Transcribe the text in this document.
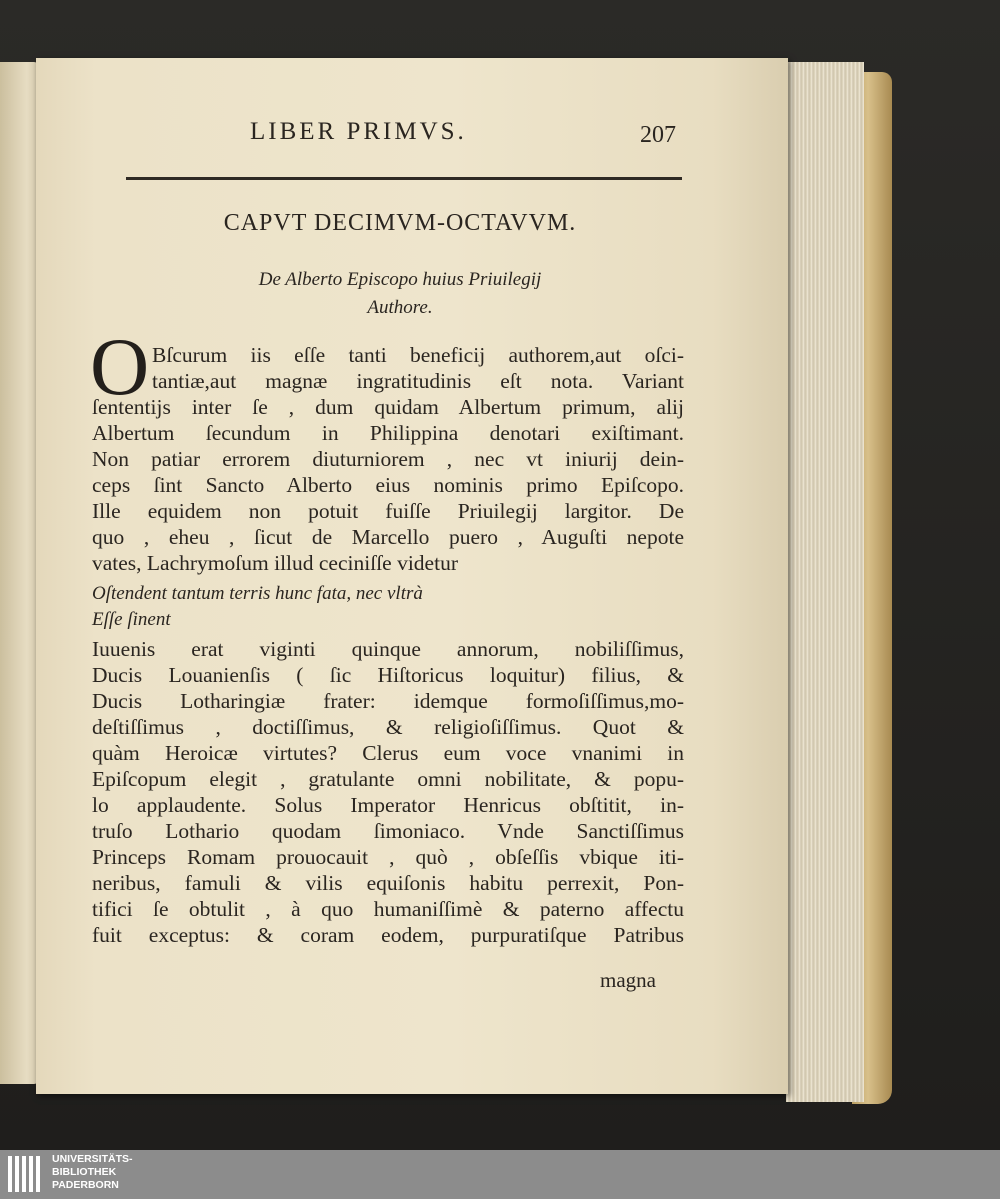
LIBER PRIMVS.	207
CAPVT DECIMVM-OCTAVVM.
De Alberto Episcopo huius Priuilegij
Authore.
O Bſcurum iis eſſe tanti beneficij authorem,aut oſci-
tantiæ,aut magnæ ingratitudinis eſt nota. Variant
ſententijs inter ſe , dum quidam Albertum primum, alij
Albertum ſecundum in Philippina denotari exiſtimant.
Non patiar errorem diuturniorem , nec vt iniurij dein-
ceps ſint Sancto Alberto eius nominis primo Epiſcopo.
Ille equidem non potuit fuiſſe Priuilegij largitor. De
quo , eheu , ſicut de Marcello puero , Auguſti nepote
vates, Lachrymoſum illud ceciniſſe videtur
Oſtendent tantum terris hunc fata, nec vltrà
Eſſe ſinent
Iuuenis erat viginti quinque annorum, nobiliſſimus,
Ducis Louanienſis ( ſic Hiſtoricus loquitur) filius, &
Ducis Lotharingiæ frater: idemque formoſiſſimus,mo-
deſtiſſimus , doctiſſimus, & religioſiſſimus. Quot &
quàm Heroicæ virtutes? Clerus eum voce vnanimi in
Epiſcopum elegit , gratulante omni nobilitate, & popu-
lo applaudente. Solus Imperator Henricus obſtitit, in-
truſo Lothario quodam ſimoniaco. Vnde Sanctiſſimus
Princeps Romam prouocauit , quò , obſeſſis vbique iti-
neribus, famuli & vilis equiſonis habitu perrexit, Pon-
tifici ſe obtulit , à quo humaniſſimè & paterno affectu
fuit exceptus: & coram eodem, purpuratiſque Patribus
magna
UNIVERSITÄTS-
BIBLIOTHEK
PADERBORN
